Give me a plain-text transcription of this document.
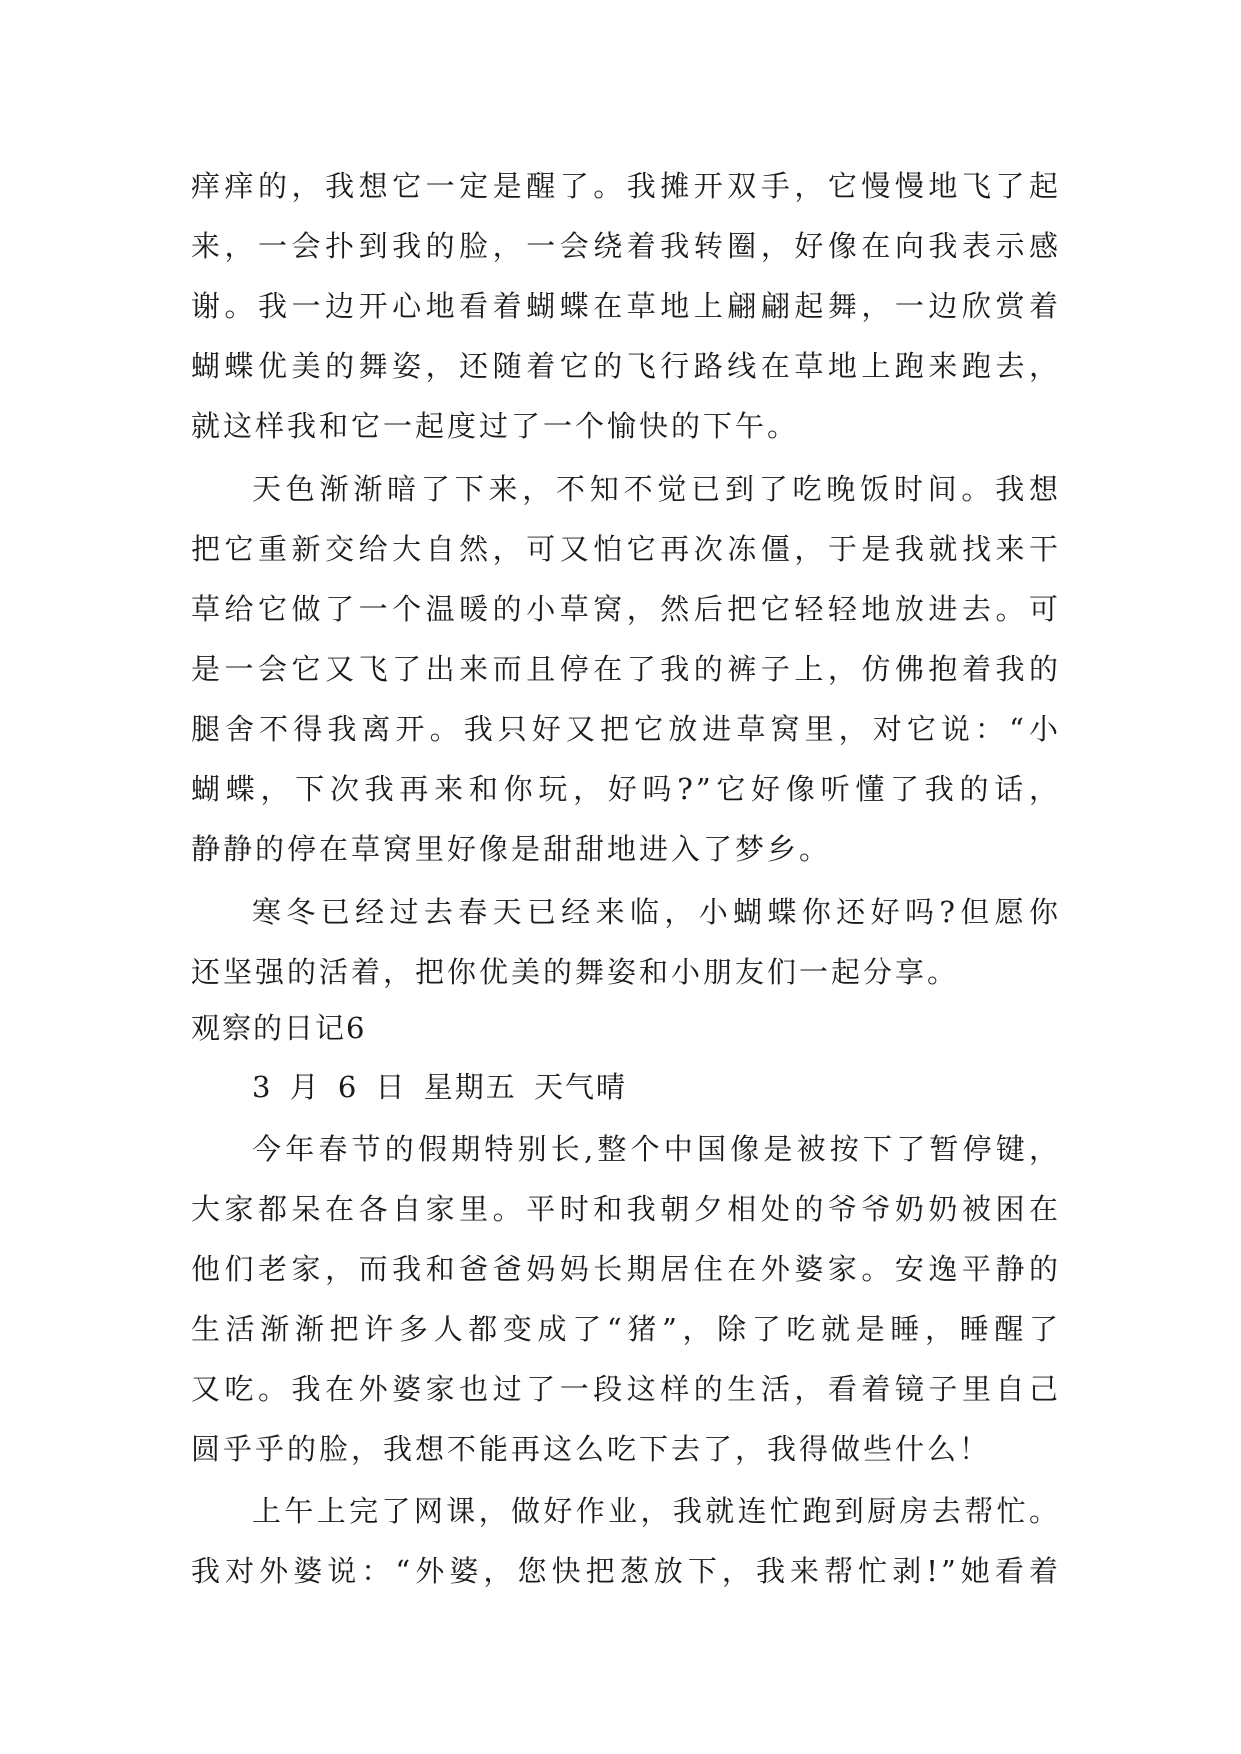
痒痒的，我想它一定是醒了。我摊开双手，它慢慢地飞了起
来，一会扑到我的脸，一会绕着我转圈，好像在向我表示感
谢。我一边开心地看着蝴蝶在草地上翩翩起舞，一边欣赏着
蝴蝶优美的舞姿，还随着它的飞行路线在草地上跑来跑去，
就这样我和它一起度过了一个愉快的下午。
天色渐渐暗了下来，不知不觉已到了吃晚饭时间。我想
把它重新交给大自然，可又怕它再次冻僵，于是我就找来干
草给它做了一个温暖的小草窝，然后把它轻轻地放进去。可
是一会它又飞了出来而且停在了我的裤子上，仿佛抱着我的
腿舍不得我离开。我只好又把它放进草窝里，对它说：“小
蝴蝶，下次我再来和你玩，好吗?”它好像听懂了我的话，
静静的停在草窝里好像是甜甜地进入了梦乡。
寒冬已经过去春天已经来临，小蝴蝶你还好吗?但愿你
还坚强的活着，把你优美的舞姿和小朋友们一起分享。
观察的日记6
3 月 6 日 星期五 天气晴
今年春节的假期特别长,整个中国像是被按下了暂停键，
大家都呆在各自家里。平时和我朝夕相处的爷爷奶奶被困在
他们老家，而我和爸爸妈妈长期居住在外婆家。安逸平静的
生活渐渐把许多人都变成了“猪”，除了吃就是睡，睡醒了
又吃。我在外婆家也过了一段这样的生活，看着镜子里自己
圆乎乎的脸，我想不能再这么吃下去了，我得做些什么！
上午上完了网课，做好作业，我就连忙跑到厨房去帮忙。
我对外婆说：“外婆，您快把葱放下，我来帮忙剥!”她看着
